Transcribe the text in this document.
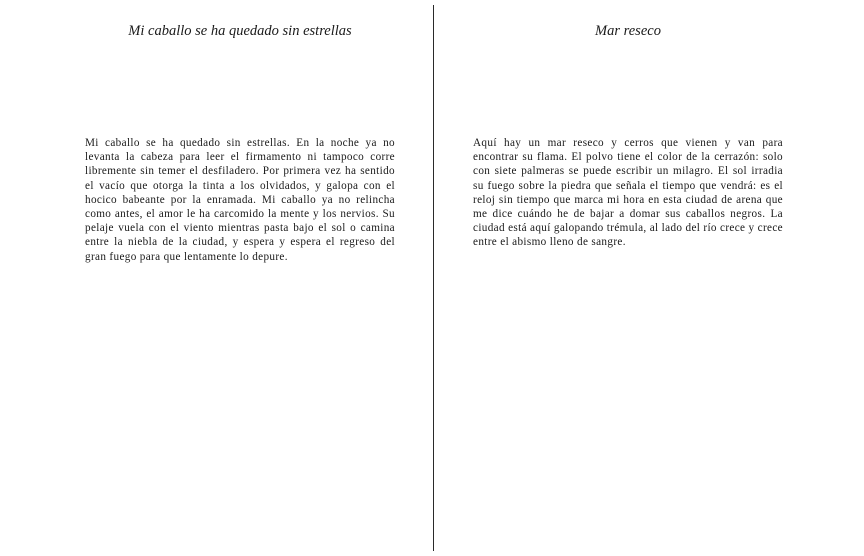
Mi caballo se ha quedado sin estrellas

Mi caballo se ha quedado sin estrellas. En la noche ya no levanta la cabeza para leer el firmamento ni tampoco corre libremente sin temer el desfiladero. Por primera vez ha sentido el vacío que otorga la tinta a los olvidados, y galopa con el hocico babeante por la enramada. Mi caballo ya no relincha como antes, el amor le ha carcomido la mente y los nervios. Su pelaje vuela con el viento mientras pasta bajo el sol o camina entre la niebla de la ciudad, y espera y espera el regreso del gran fuego para que lentamente lo depure.

Mar reseco

Aquí hay un mar reseco y cerros que vienen y van para encontrar su flama. El polvo tiene el color de la cerrazón: solo con siete palmeras se puede escribir un milagro. El sol irradia su fuego sobre la piedra que señala el tiempo que vendrá: es el reloj sin tiempo que marca mi hora en esta ciudad de arena que me dice cuándo he de bajar a domar sus caballos negros. La ciudad está aquí galopando trémula, al lado del río crece y crece entre el abismo lleno de sangre.
